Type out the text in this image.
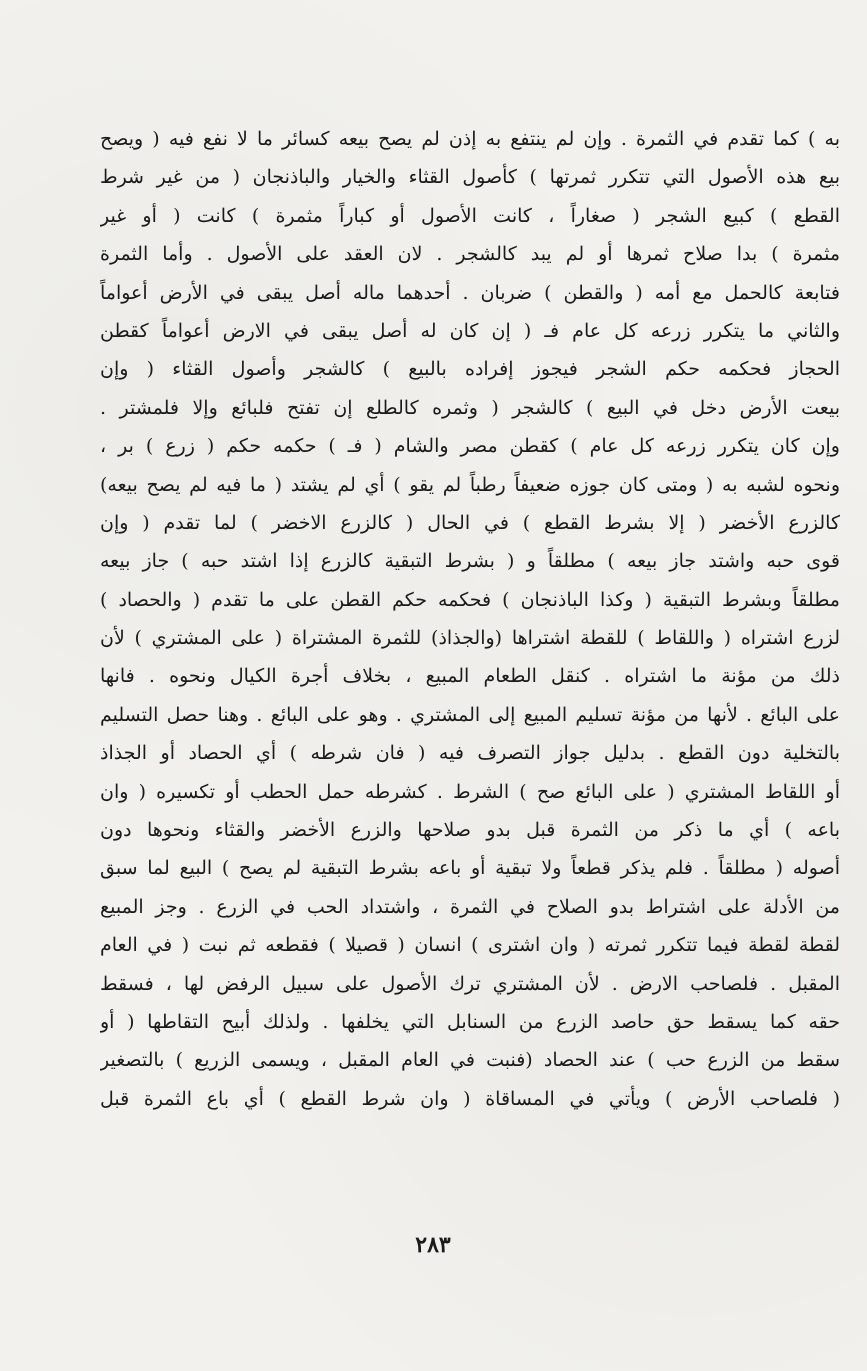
به ) كما تقدم في الثمرة . وإن لم ينتفع به إذن لم يصح بيعه كسائر ما لا نفع فيه ( ويصح
بيع هذه الأصول التي تتكرر ثمرتها ) كأصول القثاء والخيار والباذنجان ( من غير شرط
القطع ) كبيع الشجر ( صغاراً ، كانت الأصول أو كباراً مثمرة ) كانت ( أو غير
مثمرة ) بدا صلاح ثمرها أو لم يبد كالشجر . لان العقد على الأصول . وأما الثمرة
فتابعة كالحمل مع أمه ( والقطن ) ضربان . أحدهما ماله أصل يبقى في الأرض أعواماً
والثاني ما يتكرر زرعه كل عام فـ ( إن كان له أصل يبقى في الارض أعواماً كقطن
الحجاز فحكمه حكم الشجر فيجوز إفراده بالبيع ) كالشجر وأصول القثاء ( وإن
بيعت الأرض دخل في البيع ) كالشجر ( وثمره كالطلع إن تفتح فلبائع وإلا فلمشتر .
وإن كان يتكرر زرعه كل عام ) كقطن مصر والشام ( فـ ) حكمه حكم ( زرع ) بر ،
ونحوه لشبه به ( ومتى كان جوزه ضعيفاً رطباً لم يقو ) أي لم يشتد ( ما فيه لم يصح بيعه)
كالزرع الأخضر ( إلا بشرط القطع ) في الحال ( كالزرع الاخضر ) لما تقدم ( وإن
قوى حبه واشتد جاز بيعه ) مطلقاً و ( بشرط التبقية كالزرع إذا اشتد حبه ) جاز بيعه
مطلقاً وبشرط التبقية ( وكذا الباذنجان ) فحكمه حكم القطن على ما تقدم ( والحصاد )
لزرع اشتراه ( واللقاط ) للقطة اشتراها (والجذاذ) للثمرة المشتراة ( على المشتري ) لأن
ذلك من مؤنة ما اشتراه . كنقل الطعام المبيع ، بخلاف أجرة الكيال ونحوه . فانها
على البائع . لأنها من مؤنة تسليم المبيع إلى المشتري . وهو على البائع . وهنا حصل التسليم
بالتخلية دون القطع . بدليل جواز التصرف فيه ( فان شرطه ) أي الحصاد أو الجذاذ
أو اللقاط المشتري ( على البائع صح ) الشرط . كشرطه حمل الحطب أو تكسيره ( وان
باعه ) أي ما ذكر من الثمرة قبل بدو صلاحها والزرع الأخضر والقثاء ونحوها دون
أصوله ( مطلقاً . فلم يذكر قطعاً ولا تبقية أو باعه بشرط التبقية لم يصح ) البيع لما سبق
من الأدلة على اشتراط بدو الصلاح في الثمرة ، واشتداد الحب في الزرع . وجز المبيع
لقطة لقطة فيما تتكرر ثمرته ( وان اشترى ) انسان ( قصيلا ) فقطعه ثم نبت ( في العام
المقبل . فلصاحب الارض . لأن المشتري ترك الأصول على سبيل الرفض لها ، فسقط
حقه كما يسقط حق حاصد الزرع من السنابل التي يخلفها . ولذلك أبيح التقاطها ( أو
سقط من الزرع حب ) عند الحصاد (فنبت في العام المقبل ، ويسمى الزريع ) بالتصغير
( فلصاحب الأرض ) ويأتي في المساقاة ( وان شرط القطع ) أي باع الثمرة قبل
٢٨٣
